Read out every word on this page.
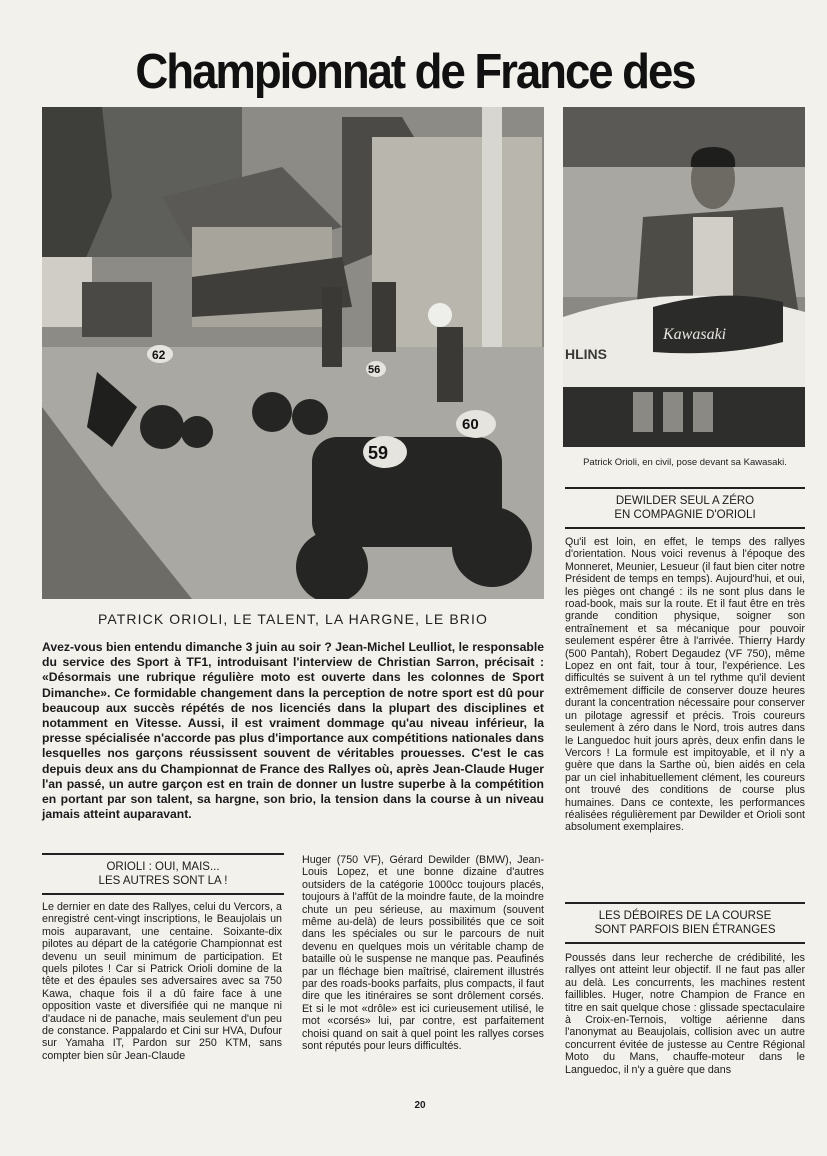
Championnat de France des
62
56
60
59
Kawasaki
HLINS
Patrick Orioli, en civil, pose devant sa Kawasaki.
PATRICK ORIOLI, LE TALENT, LA HARGNE, LE BRIO
Avez-vous bien entendu dimanche 3 juin au soir ? Jean-Michel Leulliot, le responsable du service des Sport à TF1, introduisant l'interview de Christian Sarron, précisait : «Désormais une rubrique régulière moto est ouverte dans les colonnes de Sport Dimanche». Ce formidable changement dans la perception de notre sport est dû pour beaucoup aux succès répétés de nos licenciés dans la plupart des disciplines et notamment en Vitesse. Aussi, il est vraiment dommage qu'au niveau inférieur, la presse spécialisée n'accorde pas plus d'importance aux compétitions nationales dans lesquelles nos garçons réussissent souvent de véritables prouesses. C'est le cas depuis deux ans du Championnat de France des Rallyes où, après Jean-Claude Huger l'an passé, un autre garçon est en train de donner un lustre superbe à la compétition en portant par son talent, sa hargne, son brio, la tension dans la course à un niveau jamais atteint auparavant.
ORIOLI : OUI, MAIS...
LES AUTRES SONT LA !
Le dernier en date des Rallyes, celui du Vercors, a enregistré cent-vingt inscriptions, le Beaujolais un mois auparavant, une centaine. Soixante-dix pilotes au départ de la catégorie Championnat est devenu un seuil minimum de participation. Et quels pilotes ! Car si Patrick Orioli domine de la tête et des épaules ses adversaires avec sa 750 Kawa, chaque fois il a dû faire face à une opposition vaste et diversifiée qui ne manque ni d'audace ni de panache, mais seulement d'un peu de constance. Pappalardo et Cini sur HVA, Dufour sur Yamaha IT, Pardon sur 250 KTM, sans compter bien sûr Jean-Claude
Huger (750 VF), Gérard Dewilder (BMW), Jean-Louis Lopez, et une bonne dizaine d'autres outsiders de la catégorie 1000cc toujours placés, toujours à l'affût de la moindre faute, de la moindre chute un peu sérieuse, au maximum (souvent même au-delà) de leurs possibilités que ce soit dans les spéciales ou sur le parcours de nuit devenu en quelques mois un véritable champ de bataille où le suspense ne manque pas. Peaufinés par un fléchage bien maîtrisé, clairement illustrés par des roads-books parfaits, plus compacts, il faut dire que les itinéraires se sont drôlement corsés. Et si le mot «drôle» est ici curieusement utilisé, le mot «corsés» lui, par contre, est parfaitement choisi quand on sait à quel point les rallyes corses sont réputés pour leurs difficultés.
DEWILDER SEUL A ZÉRO
EN COMPAGNIE D'ORIOLI
Qu'il est loin, en effet, le temps des rallyes d'orientation. Nous voici revenus à l'époque des Monneret, Meunier, Lesueur (il faut bien citer notre Président de temps en temps). Aujourd'hui, et oui, les pièges ont changé : ils ne sont plus dans le road-book, mais sur la route. Et il faut être en très grande condition physique, soigner son entraînement et sa mécanique pour pouvoir seulement espérer être à l'arrivée. Thierry Hardy (500 Pantah), Robert Degaudez (VF 750), même Lopez en ont fait, tour à tour, l'expérience. Les difficultés se suivent à un tel rythme qu'il devient extrêmement difficile de conserver douze heures durant la concentration nécessaire pour conserver un pilotage agressif et précis. Trois coureurs seulement à zéro dans le Nord, trois autres dans le Languedoc huit jours après, deux enfin dans le Vercors ! La formule est impitoyable, et il n'y a guère que dans la Sarthe où, bien aidés en cela par un ciel inhabituellement clément, les coureurs ont trouvé des conditions de course plus humaines. Dans ce contexte, les performances réalisées régulièrement par Dewilder et Orioli sont absolument exemplaires.
LES DÉBOIRES DE LA COURSE
SONT PARFOIS BIEN ÉTRANGES
Poussés dans leur recherche de crédibilité, les rallyes ont atteint leur objectif. Il ne faut pas aller au delà. Les concurrents, les machines restent faillibles. Huger, notre Champion de France en titre en sait quelque chose : glissade spectaculaire à Croix-en-Ternois, voltige aérienne dans l'anonymat au Beaujolais, collision avec un autre concurrent évitée de justesse au Centre Régional Moto du Mans, chauffe-moteur dans le Languedoc, il n'y a guère que dans
20
